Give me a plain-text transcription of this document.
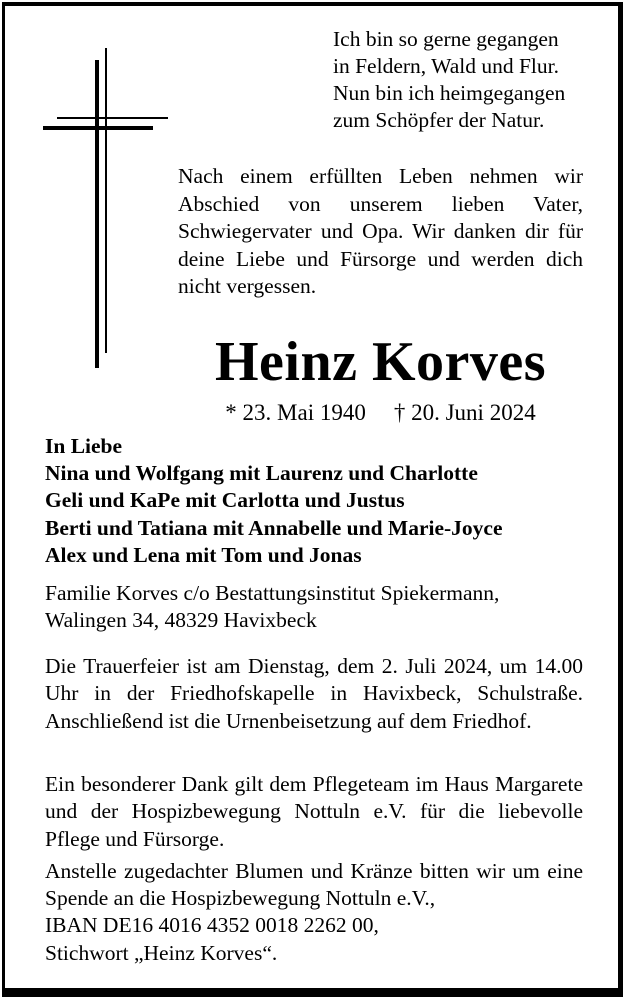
Ich bin so gerne gegangen
in Feldern, Wald und Flur.
Nun bin ich heimgegangen
zum Schöpfer der Natur.
Nach einem erfüllten Leben nehmen wir Abschied von unserem lieben Vater, Schwiegervater und Opa. Wir danken dir für deine Liebe und Fürsorge und werden dich nicht vergessen.
Heinz Korves
* 23. Mai 1940 † 20. Juni 2024
In Liebe
Nina und Wolfgang mit Laurenz und Charlotte
Geli und KaPe mit Carlotta und Justus
Berti und Tatiana mit Annabelle und Marie-Joyce
Alex und Lena mit Tom und Jonas
Familie Korves c/o Bestattungsinstitut Spiekermann,
Walingen 34, 48329 Havixbeck
Die Trauerfeier ist am Dienstag, dem 2. Juli 2024, um 14.00 Uhr in der Friedhofskapelle in Havixbeck, Schulstraße. Anschließend ist die Urnenbeisetzung auf dem Friedhof.
Ein besonderer Dank gilt dem Pflegeteam im Haus Margarete und der Hospizbewegung Nottuln e.V. für die liebevolle Pflege und Fürsorge.
Anstelle zugedachter Blumen und Kränze bitten wir um eine Spende an die Hospizbewegung Nottuln e.V.,
IBAN DE16 4016 4352 0018 2262 00,
Stichwort „Heinz Korves“.
